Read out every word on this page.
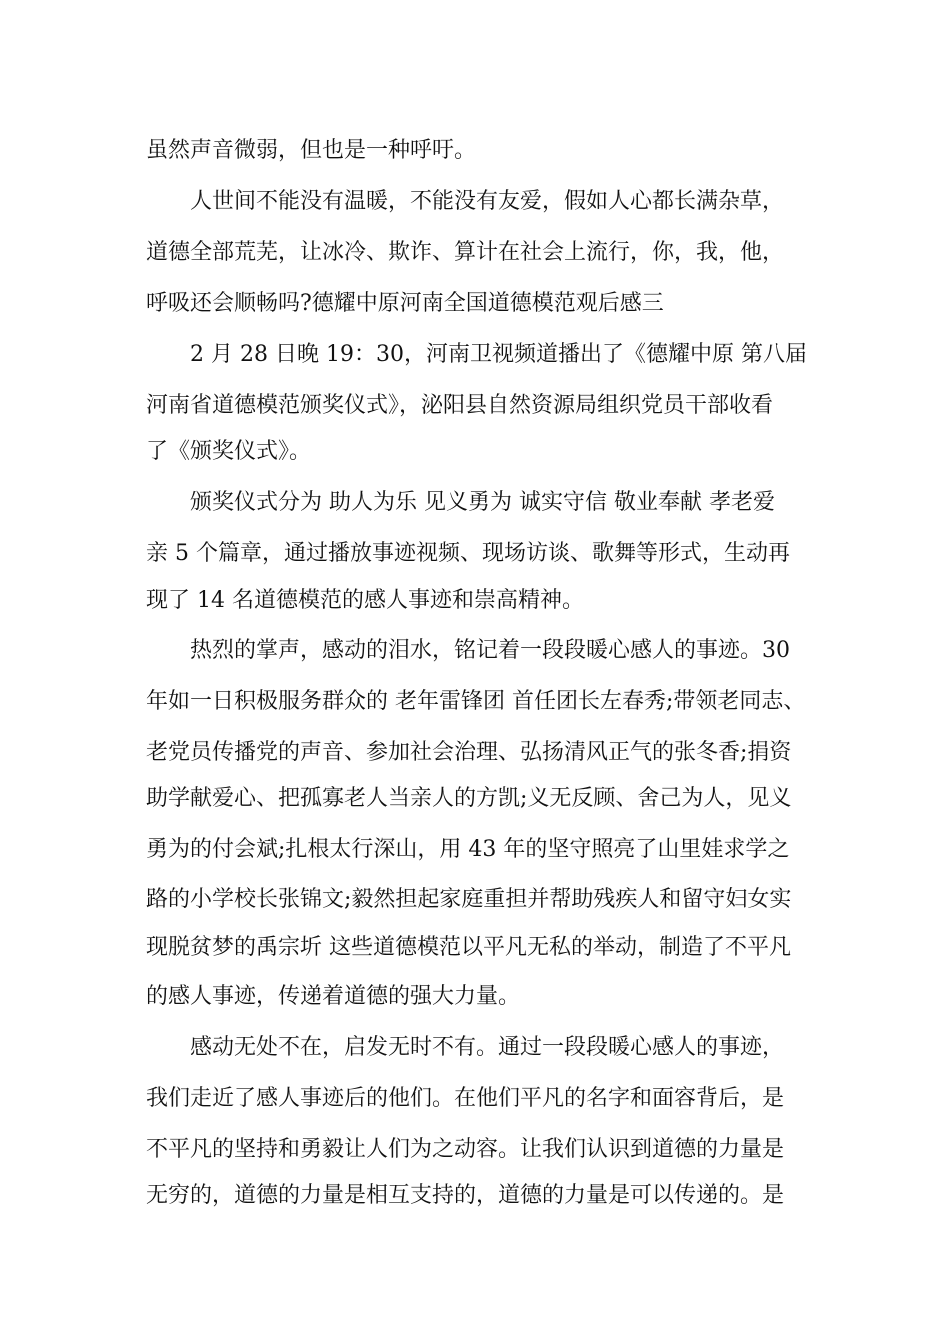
虽然声音微弱，但也是一种呼吁。
人世间不能没有温暖，不能没有友爱，假如人心都长满杂草，
道德全部荒芜，让冰冷、欺诈、算计在社会上流行，你，我，他，
呼吸还会顺畅吗?德耀中原河南全国道德模范观后感三
2 月 28 日晚 19：30，河南卫视频道播出了《德耀中原 第八届
河南省道德模范颁奖仪式》，泌阳县自然资源局组织党员干部收看
了《颁奖仪式》。
颁奖仪式分为 助人为乐 见义勇为 诚实守信 敬业奉献 孝老爱
亲 5 个篇章，通过播放事迹视频、现场访谈、歌舞等形式，生动再
现了 14 名道德模范的感人事迹和崇高精神。
热烈的掌声，感动的泪水，铭记着一段段暖心感人的事迹。30
年如一日积极服务群众的 老年雷锋团 首任团长左春秀;带领老同志、
老党员传播党的声音、参加社会治理、弘扬清风正气的张冬香;捐资
助学献爱心、把孤寡老人当亲人的方凯;义无反顾、舍己为人，见义
勇为的付会斌;扎根太行深山，用 43 年的坚守照亮了山里娃求学之
路的小学校长张锦文;毅然担起家庭重担并帮助残疾人和留守妇女实
现脱贫梦的禹宗圻 这些道德模范以平凡无私的举动，制造了不平凡
的感人事迹，传递着道德的强大力量。
感动无处不在，启发无时不有。通过一段段暖心感人的事迹，
我们走近了感人事迹后的他们。在他们平凡的名字和面容背后，是
不平凡的坚持和勇毅让人们为之动容。让我们认识到道德的力量是
无穷的，道德的力量是相互支持的，道德的力量是可以传递的。是
